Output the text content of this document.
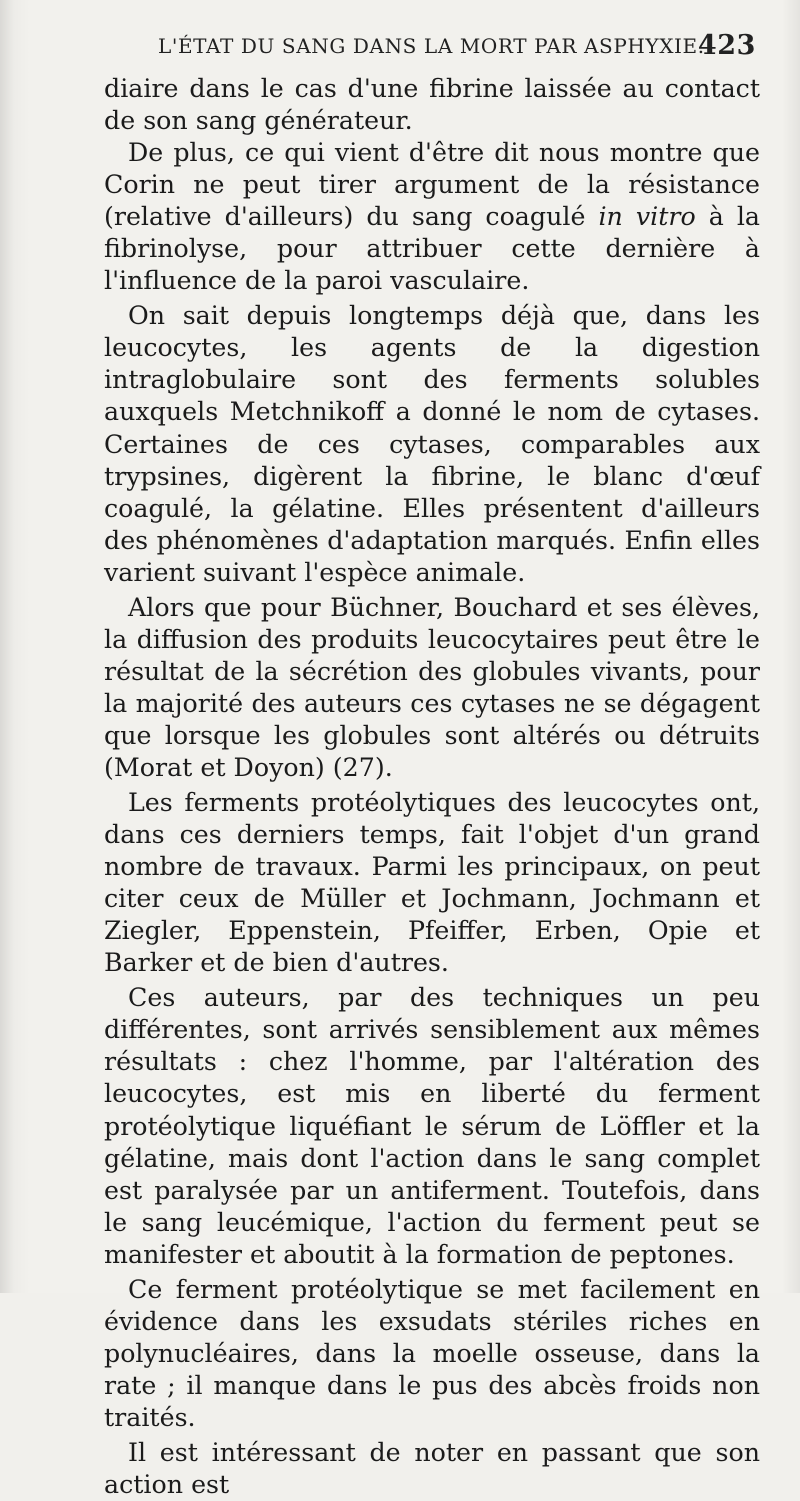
L'ÉTAT DU SANG DANS LA MORT PAR ASPHYXIE.
423

diaire dans le cas d'une fibrine laissée au contact de son sang générateur.

De plus, ce qui vient d'être dit nous montre que Corin ne peut tirer argument de la résistance (relative d'ailleurs) du sang coagulé in vitro à la fibrinolyse, pour attribuer cette dernière à l'influence de la paroi vasculaire.

On sait depuis longtemps déjà que, dans les leucocytes, les agents de la digestion intraglobulaire sont des ferments solubles auxquels Metchnikoff a donné le nom de cytases. Certaines de ces cytases, comparables aux trypsines, digèrent la fibrine, le blanc d'œuf coagulé, la gélatine. Elles présentent d'ailleurs des phénomènes d'adaptation marqués. Enfin elles varient suivant l'espèce animale.

Alors que pour Büchner, Bouchard et ses élèves, la diffusion des produits leucocytaires peut être le résultat de la sécrétion des globules vivants, pour la majorité des auteurs ces cytases ne se dégagent que lorsque les globules sont altérés ou détruits (Morat et Doyon) (27).

Les ferments protéolytiques des leucocytes ont, dans ces derniers temps, fait l'objet d'un grand nombre de travaux. Parmi les principaux, on peut citer ceux de Müller et Jochmann, Jochmann et Ziegler, Eppenstein, Pfeiffer, Erben, Opie et Barker et de bien d'autres.

Ces auteurs, par des techniques un peu différentes, sont arrivés sensiblement aux mêmes résultats : chez l'homme, par l'altération des leucocytes, est mis en liberté du ferment protéolytique liquéfiant le sérum de Löffler et la gélatine, mais dont l'action dans le sang complet est paralysée par un antiferment. Toutefois, dans le sang leucémique, l'action du ferment peut se manifester et aboutit à la formation de peptones.

Ce ferment protéolytique se met facilement en évidence dans les exsudats stériles riches en polynucléaires, dans la moelle osseuse, dans la rate ; il manque dans le pus des abcès froids non traités.

Il est intéressant de noter en passant que son action est
